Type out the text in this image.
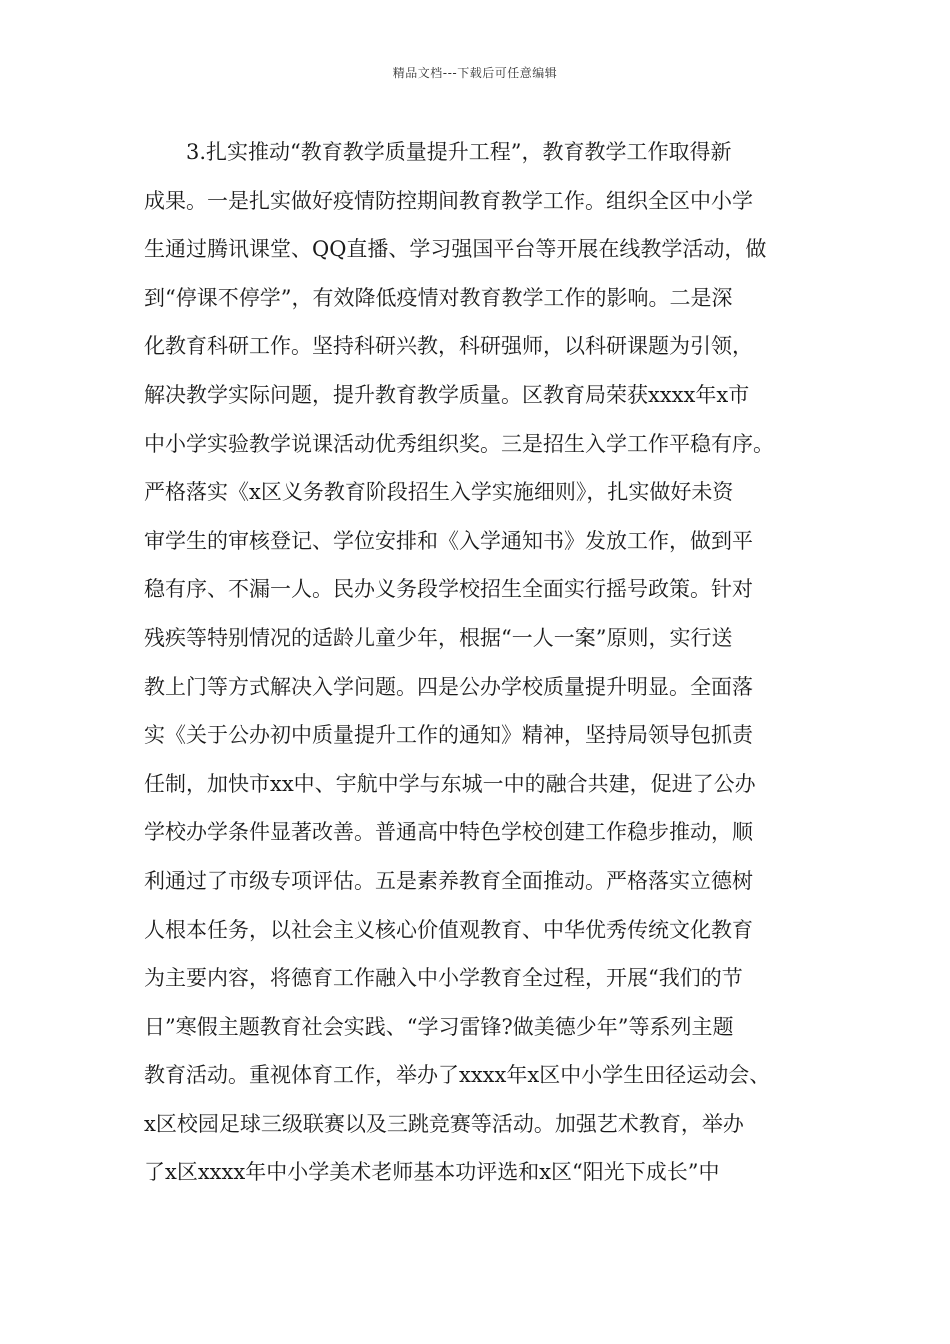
精品文档---下载后可任意编辑
3.扎实推动“教育教学质量提升工程”，教育教学工作取得新
成果。一是扎实做好疫情防控期间教育教学工作。组织全区中小学
生通过腾讯课堂、QQ直播、学习强国平台等开展在线教学活动，做
到“停课不停学”，有效降低疫情对教育教学工作的影响。二是深
化教育科研工作。坚持科研兴教，科研强师，以科研课题为引领，
解决教学实际问题，提升教育教学质量。区教育局荣获xxxx年x市
中小学实验教学说课活动优秀组织奖。三是招生入学工作平稳有序。
严格落实《x区义务教育阶段招生入学实施细则》，扎实做好未资
审学生的审核登记、学位安排和《入学通知书》发放工作，做到平
稳有序、不漏一人。民办义务段学校招生全面实行摇号政策。针对
残疾等特别情况的适龄儿童少年，根据“一人一案”原则，实行送
教上门等方式解决入学问题。四是公办学校质量提升明显。全面落
实《关于公办初中质量提升工作的通知》精神，坚持局领导包抓责
任制，加快市xx中、宇航中学与东城一中的融合共建，促进了公办
学校办学条件显著改善。普通高中特色学校创建工作稳步推动，顺
利通过了市级专项评估。五是素养教育全面推动。严格落实立德树
人根本任务，以社会主义核心价值观教育、中华优秀传统文化教育
为主要内容，将德育工作融入中小学教育全过程，开展“我们的节
日”寒假主题教育社会实践、“学习雷锋?做美德少年”等系列主题
教育活动。重视体育工作，举办了xxxx年x区中小学生田径运动会、
x区校园足球三级联赛以及三跳竞赛等活动。加强艺术教育，举办
了x区xxxx年中小学美术老师基本功评选和x区“阳光下成长”中
